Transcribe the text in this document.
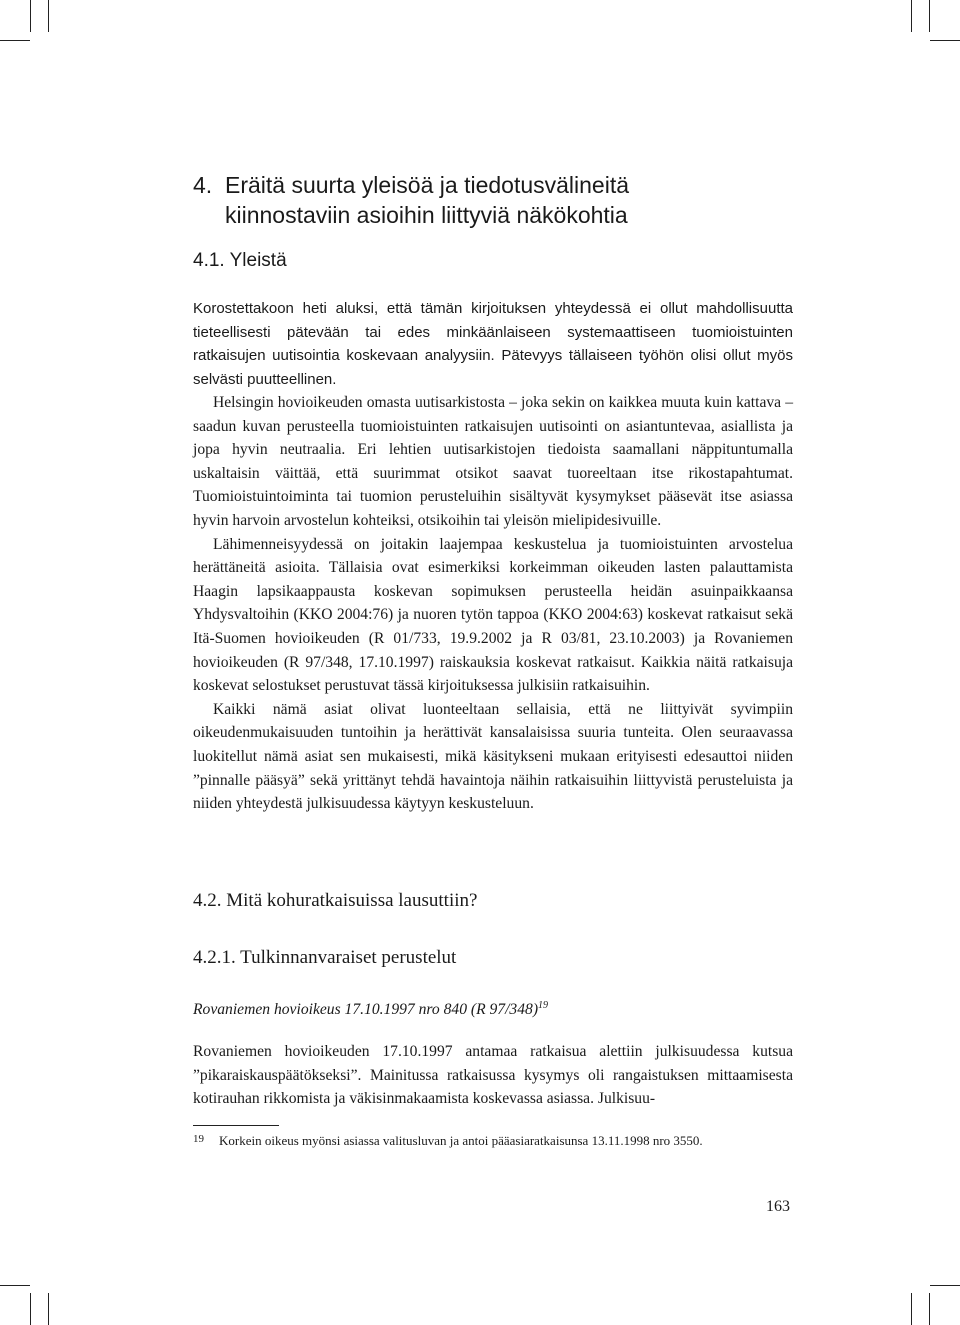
4. Eräitä suurta yleisöä ja tiedotusvälineitä
kiinnostaviin asioihin liittyviä näkökohtia
4.1. Yleistä

Korostettakoon heti aluksi, että tämän kirjoituksen yhteydessä ei ollut mahdollisuutta tieteellisesti pätevään tai edes minkäänlaiseen systemaattiseen tuomioistuinten ratkaisujen uutisointia koskevaan analyysiin. Pätevyys tällaiseen työhön olisi ollut myös selvästi puutteellinen.

Helsingin hovioikeuden omasta uutisarkistosta – joka sekin on kaikkea muuta kuin kattava – saadun kuvan perusteella tuomioistuinten ratkaisujen uutisointi on asiantuntevaa, asiallista ja jopa hyvin neutraalia. Eri lehtien uutisarkistojen tiedoista saamallani näppituntumalla uskaltaisin väittää, että suurimmat otsikot saavat tuoreeltaan itse rikostapahtumat. Tuomioistuintoiminta tai tuomion perusteluihin sisältyvät kysymykset pääsevät itse asiassa hyvin harvoin arvostelun kohteiksi, otsikoihin tai yleisön mielipidesivuille.

Lähimenneisyydessä on joitakin laajempaa keskustelua ja tuomioistuinten arvostelua herättäneitä asioita. Tällaisia ovat esimerkiksi korkeimman oikeuden lasten palauttamista Haagin lapsikaappausta koskevan sopimuksen perusteella heidän asuinpaikkaansa Yhdysvaltoihin (KKO 2004:76) ja nuoren tytön tappoa (KKO 2004:63) koskevat ratkaisut sekä Itä-Suomen hovioikeuden (R 01/733, 19.9.2002 ja R 03/81, 23.10.2003) ja Rovaniemen hovioikeuden (R 97/348, 17.10.1997) raiskauksia koskevat ratkaisut. Kaikkia näitä ratkaisuja koskevat selostukset perustuvat tässä kirjoituksessa julkisiin ratkaisuihin.

Kaikki nämä asiat olivat luonteeltaan sellaisia, että ne liittyivät syvimpiin oikeudenmukaisuuden tuntoihin ja herättivät kansalaisissa suuria tunteita. Olen seuraavassa luokitellut nämä asiat sen mukaisesti, mikä käsitykseni mukaan erityisesti edesauttoi niiden ”pinnalle pääsyä” sekä yrittänyt tehdä havaintoja näihin ratkaisuihin liittyvistä perusteluista ja niiden yhteydestä julkisuudessa käytyyn keskusteluun.

4.2. Mitä kohuratkaisuissa lausuttiin?
4.2.1. Tulkinnanvaraiset perustelut

Rovaniemen hovioikeus 17.10.1997 nro 840 (R 97/348)$^{19}$

Rovaniemen hovioikeuden 17.10.1997 antamaa ratkaisua alettiin julkisuudessa kutsua ”pikaraiskauspäätökseksi”. Mainitussa ratkaisussa kysymys oli rangaistuksen mittaamisesta kotirauhan rikkomista ja väkisinmakaamista koskevassa asiassa. Julkisuu-

19 Korkein oikeus myönsi asiassa valitusluvan ja antoi pääasiaratkaisunsa 13.11.1998 nro 3550.
163
